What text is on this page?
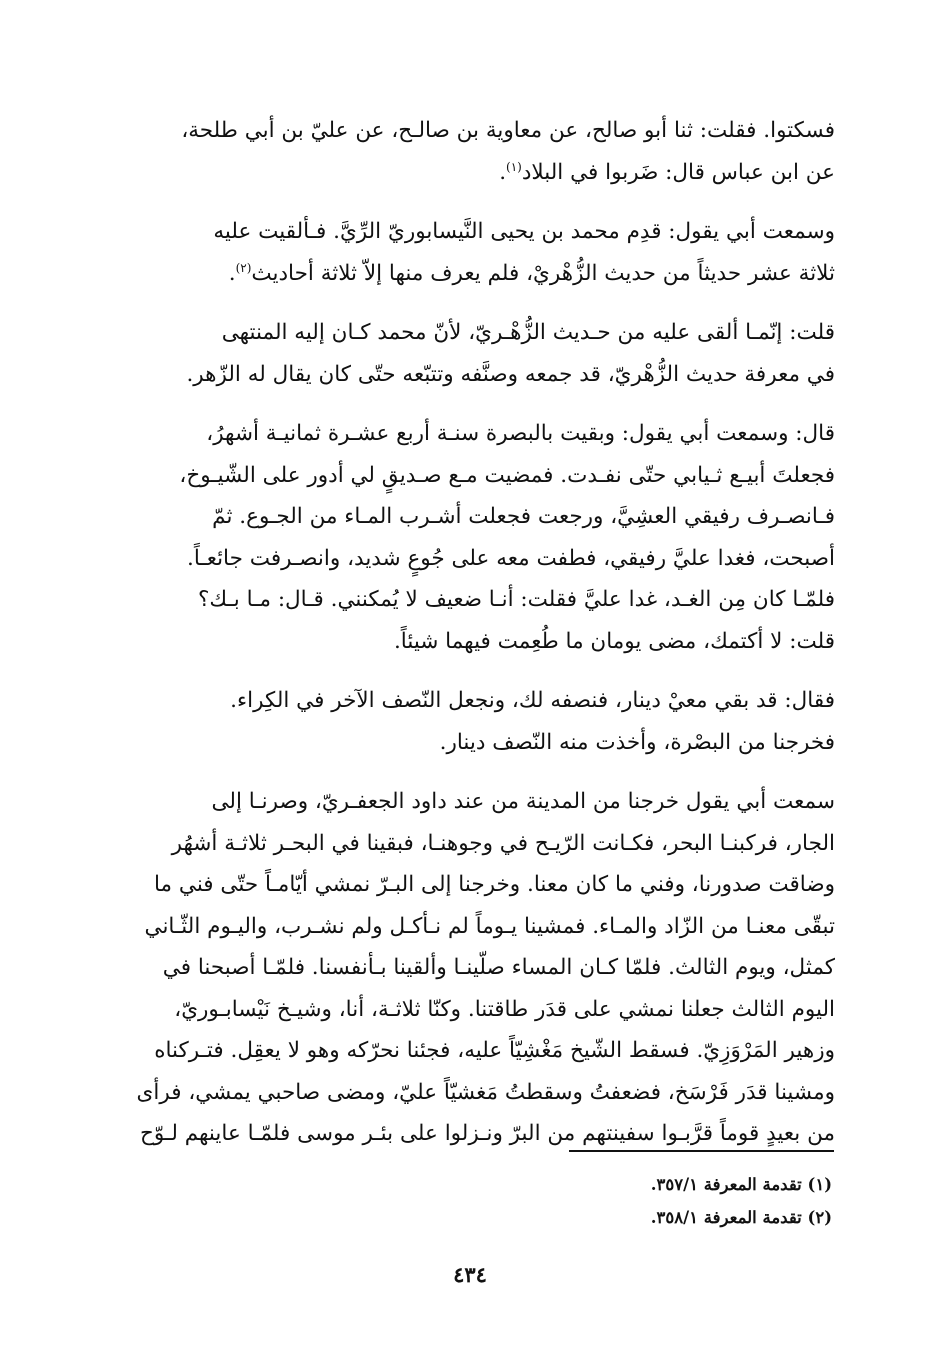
فسكتوا. فقلت: ثنا أبو صالح، عن معاوية بن صالـح، عن عليّ بن أبي طلحة،
عن ابن عباس قال: ضَربوا في البلاد$^{(١)}$.
وسمعت أبي يقول: قدِم محمد بن يحيى النَّيسابوريّ الرِّيَّ. فـألقيت عليه
ثلاثة عشر حديثاً من حديث الزُّهْريْ، فلم يعرف منها إلاّ ثلاثة أحاديث$^{(٢)}$.
قلت: إنّمـا ألقى عليه من حـديث الزُّهْـريّ، لأنّ محمد كـان إليه المنتهى
في معرفة حديث الزُّهْريّ، قد جمعه وصنَّفه وتتبّعه حتّى كان يقال له الزّهر.
قال: وسمعت أبي يقول: وبقيت بالبصرة سنـة أربع عشـرة ثمانيـة أشهرُ،
فجعلتَ أبيـع ثـيابي حتّى نفـدت. فمضيت مـع صـديقٍ لي أدور على الشّيـوخ،
فـانصـرف رفيقي العشِيَّ، ورجعت فجعلت أشـرب المـاء من الجـوع. ثمّ
أصبحت، فغدا عليَّ رفيقي، فطفت معه على جُوعٍ شديد، وانصـرفت جائعـاً.
فلمّـا كان مِن الغـد، غدا عليَّ فقلت: أنـا ضعيف لا يُمكنني. قـال: مـا بـك؟
قلت: لا أكتمك، مضى يومان ما طُعِمت فيهما شيئاً.
فقال: قد بقي معيْ دينار، فنصفه لك، ونجعل النّصف الآخر في الكِراء.
فخرجنا من البصْرة، وأخذت منه النّصف دينار.
سمعت أبي يقول خرجنا من المدينة من عند داود الجعفـريّ، وصرنـا إلى
الجار، فركبنـا البحر، فكـانت الرّيـح في وجوهنـا، فبقينا في البحـر ثلاثـة أشهُر
وضاقت صدورنا، وفني ما كان معنا. وخرجنا إلى البـرّ نمشي أيّامـاً حتّى فني ما
تبقّى معنـا من الزّاد والمـاء. فمشينا يـوماً لم نـأكـل ولم نشـرب، واليـوم الثّـاني
كمثل، ويوم الثالث. فلمّا كـان المساء صلّينـا وألقينا بـأنفسنا. فلمّـا أصبحنا في
اليوم الثالث جعلنا نمشي على قدَر طاقتنا. وكنّا ثلاثـة، أنا، وشيـخ نَيْسابـوريّ،
وزهير المَرْوَزِيّ. فسقط الشّيخ مَغْشِيّاً عليه، فجئنا نحرّكه وهو لا يعقِل. فتـركناه
ومشينا قدَر فَرْسَخ، فضعفتُ وسقطتُ مَغشيّاً عليّ، ومضى صاحبي يمشي، فرأى
من بعيدٍ قوماً قرَّبـوا سفينتهم من البرّ ونـزلوا على بئـر موسى فلمّـا عاينهم لـوّح
(١) تقدمة المعرفة ٣٥٧/١.
(٢) تقدمة المعرفة ٣٥٨/١.
٤٣٤
